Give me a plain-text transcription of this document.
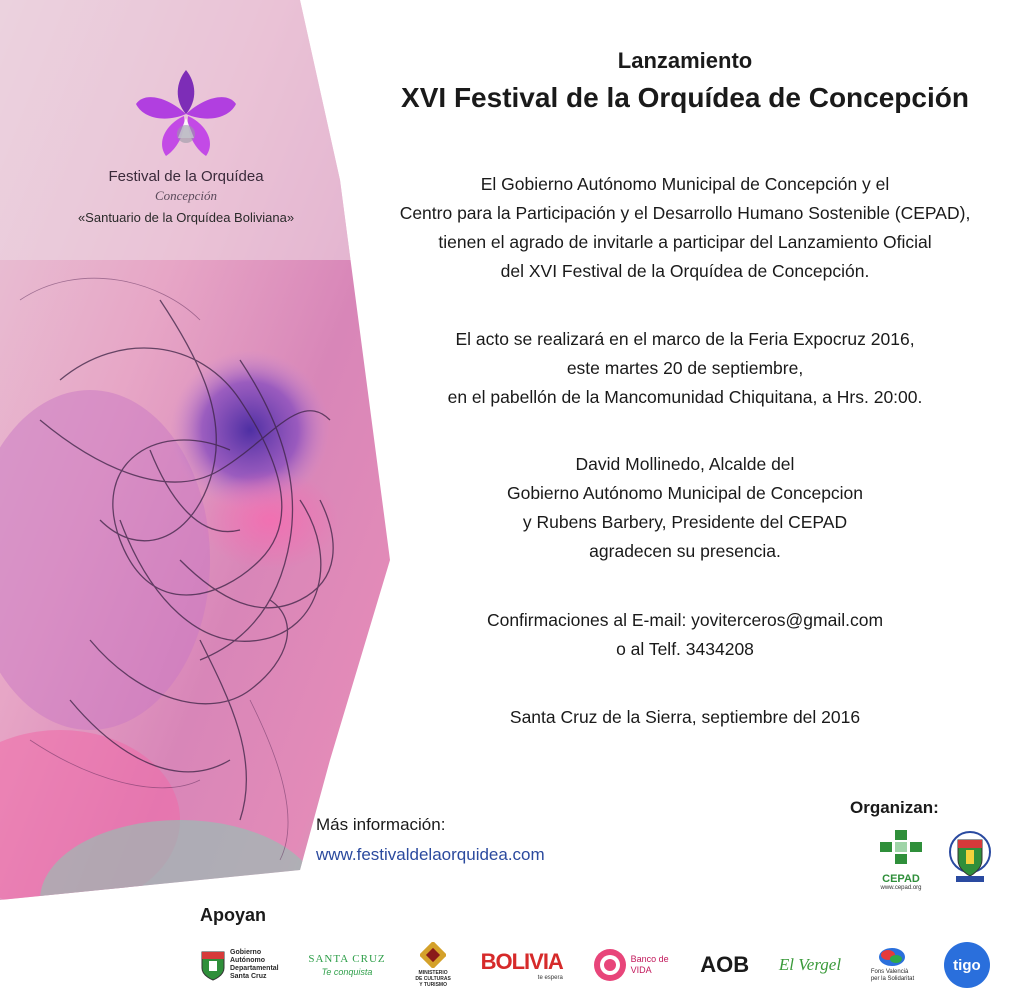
Festival de la Orquídea
Concepción
«Santuario de la Orquídea Boliviana»
Lanzamiento
XVI Festival de la Orquídea de Concepción
El Gobierno Autónomo Municipal de Concepción y el
Centro para la Participación y el Desarrollo Humano Sostenible (CEPAD),
tienen el agrado de invitarle a participar del Lanzamiento Oficial
del XVI Festival de la Orquídea de Concepción.
El acto se realizará en el marco de la Feria Expocruz 2016,
este martes 20 de septiembre,
en el pabellón de la Mancomunidad Chiquitana, a Hrs. 20:00.
David Mollinedo, Alcalde del
Gobierno Autónomo Municipal de Concepcion
y Rubens Barbery, Presidente del CEPAD
agradecen su presencia.
Confirmaciones al E-mail: yoviterceros@gmail.com
o al Telf. 3434208
Santa Cruz de la Sierra, septiembre del 2016
Más información:
www.festivaldelaorquidea.com
Organizan:
CEPAD
www.cepad.org
Apoyan
Gobierno
Autónomo
Departamental
Santa Cruz
SANTA CRUZ
Te conquista	MINISTERIO
DE CULTURAS
Y TURISMO
BOLIVIA
te espera
Banco de VIDA	AOB El Vergel	Fons Valencià
per la Solidaritat
tigo
